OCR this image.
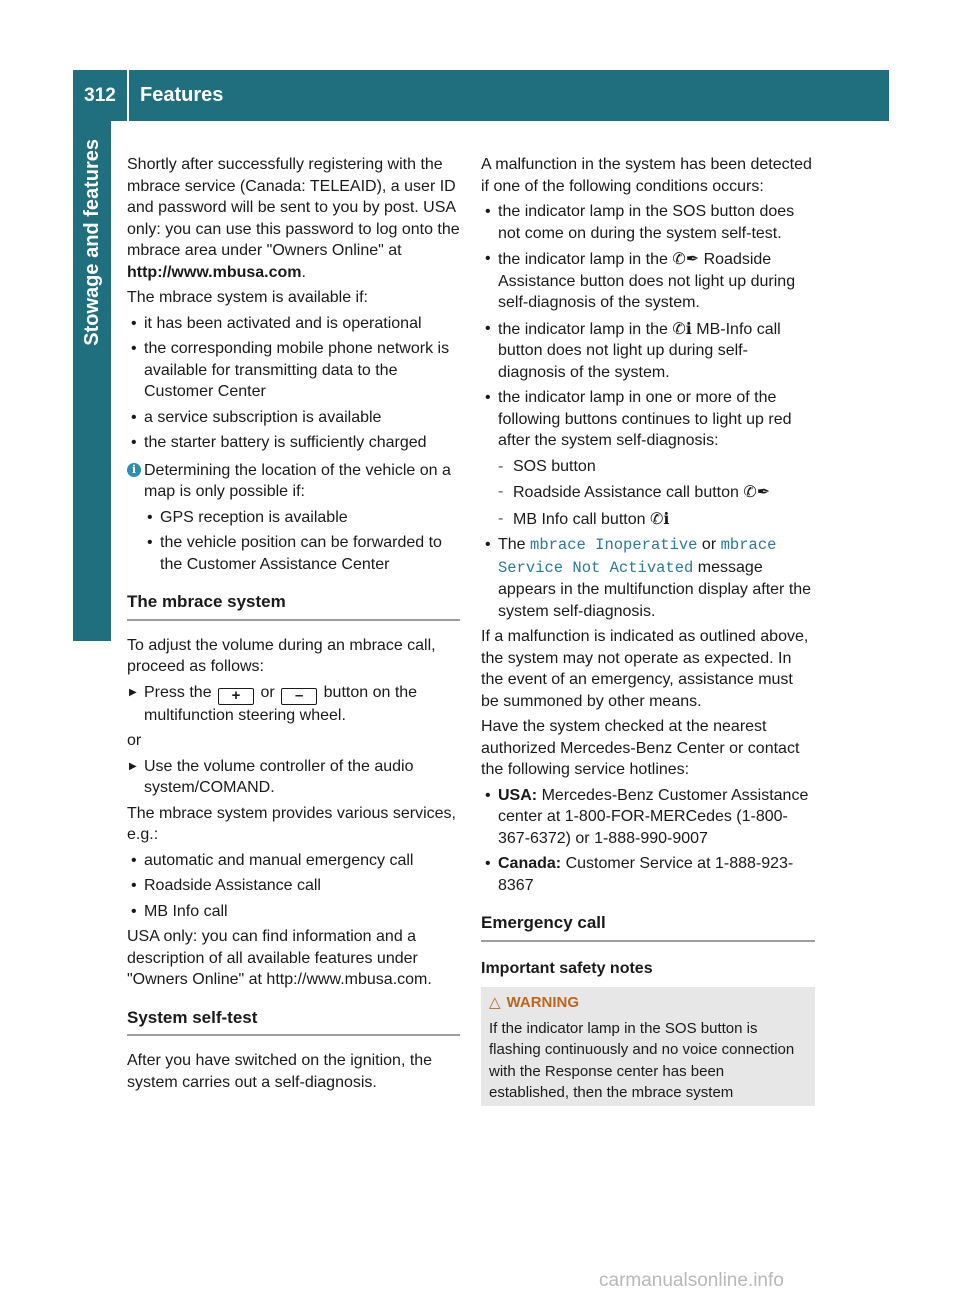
312	Features
Stowage and features	Shortly after successfully registering with the mbrace service (Canada: TELEAID), a user ID and password will be sent to you by post. USA only: you can use this password to log onto the mbrace area under "Owners Online" at http://www.mbusa.com.

The mbrace system is available if:

• it has been activated and is operational
• the corresponding mobile phone network is available for transmitting data to the Customer Center
• a service subscription is available
• the starter battery is sufficiently charged
i Determining the location of the vehicle on a map is only possible if:
• GPS reception is available
• the vehicle position can be forwarded to the Customer Assistance Center
The mbrace system

To adjust the volume during an mbrace call, proceed as follows:

▶ Press the + or – button on the multifunction steering wheel.

or

▶ Use the volume controller of the audio system/COMAND.

The mbrace system provides various services, e.g.:

• automatic and manual emergency call
• Roadside Assistance call
• MB Info call

USA only: you can find information and a description of all available features under "Owners Online" at http://www.mbusa.com.

System self-test

After you have switched on the ignition, the system carries out a self-diagnosis.

A malfunction in the system has been detected if one of the following conditions occurs:

• the indicator lamp in the SOS button does not come on during the system self-test.
• the indicator lamp in the ✆✒ Roadside Assistance button does not light up during self-diagnosis of the system.
• the indicator lamp in the ✆ℹ MB-Info call button does not light up during self-diagnosis of the system.
• the indicator lamp in one or more of the following buttons continues to light up red after the system self-diagnosis:
- SOS button
- Roadside Assistance call button ✆✒
- MB Info call button ✆ℹ
• The mbrace Inoperative or mbrace Service Not Activated message appears in the multifunction display after the system self-diagnosis.

If a malfunction is indicated as outlined above, the system may not operate as expected. In the event of an emergency, assistance must be summoned by other means.

Have the system checked at the nearest authorized Mercedes-Benz Center or contact the following service hotlines:

• USA: Mercedes-Benz Customer Assistance center at 1-800-FOR-MERCedes (1-800-367-6372) or 1-888-990-9007
• Canada: Customer Service at 1-888-923-8367
Emergency call
Important safety notes
△ WARNING
If the indicator lamp in the SOS button is flashing continuously and no voice connection with the Response center has been established, then the mbrace system
carmanualsonline.info
